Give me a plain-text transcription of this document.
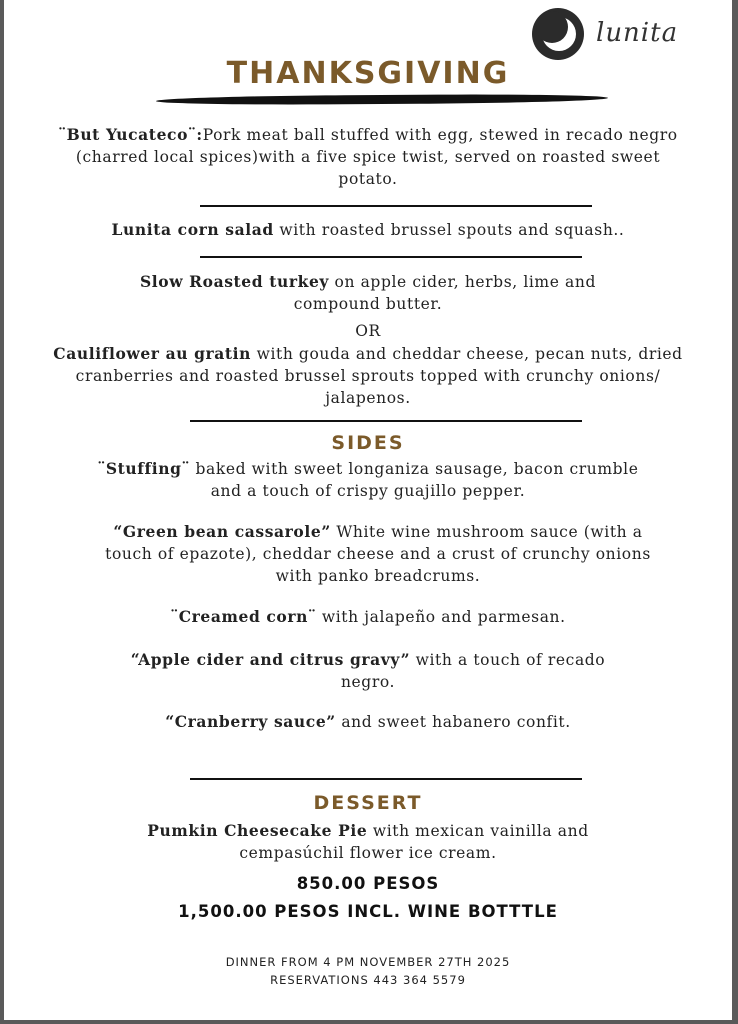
lunita
THANKSGIVING
¨But Yucateco¨:Pork meat ball stuffed with egg, stewed in recado negro (charred local spices)with a five spice twist, served on roasted sweet potato.
Lunita corn salad with roasted brussel spouts and squash..
Slow Roasted turkey on apple cider, herbs, lime and compound butter.
OR
Cauliflower au gratin with gouda and cheddar cheese, pecan nuts, dried cranberries and roasted brussel sprouts topped with crunchy onions/ jalapenos.
SIDES
¨Stuffing¨ baked with sweet longaniza sausage, bacon crumble and a touch of crispy guajillo pepper.
“Green bean cassarole” White wine mushroom sauce (with a touch of epazote), cheddar cheese and a crust of crunchy onions with panko breadcrums.
¨Creamed corn¨ with jalapeño and parmesan.
“Apple cider and citrus gravy” with a touch of recado negro.
“Cranberry sauce” and sweet habanero confit.
DESSERT
Pumkin Cheesecake Pie with mexican vainilla and cempasúchil flower ice cream.
850.00 PESOS
1,500.00 PESOS INCL. WINE BOTTTLE
DINNER FROM 4 PM NOVEMBER 27TH 2025
RESERVATIONS 443 364 5579
